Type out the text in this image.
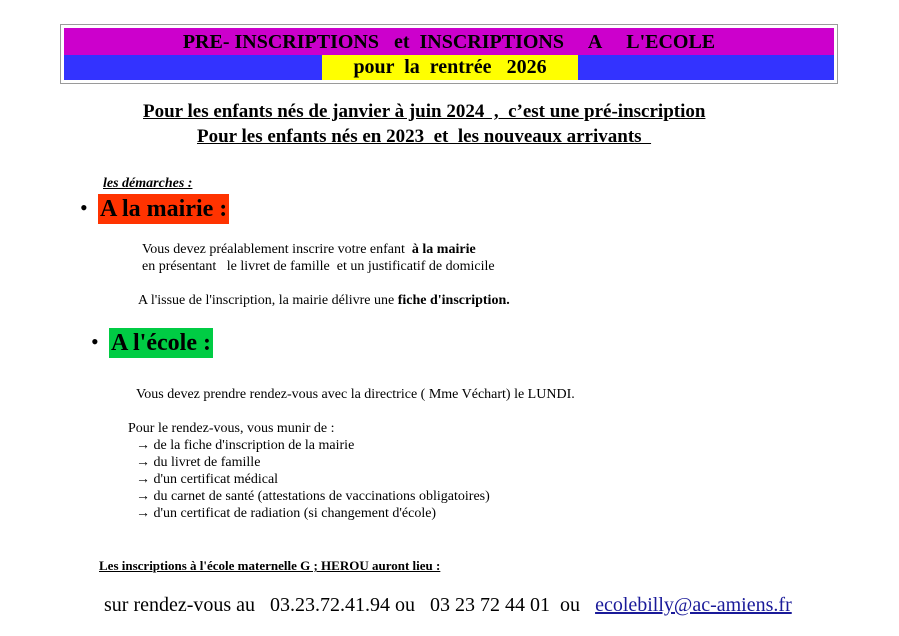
PRE- INSCRIPTIONS   et  INSCRIPTIONS     A     L'ECOLE
pour  la  rentrée   2026
Pour les enfants nés de janvier à juin 2024  ,  c’est une pré-inscription
Pour les enfants nés en 2023  et  les nouveaux arrivants
les démarches :
• A la mairie :
Vous devez préalablement inscrire votre enfant  à la mairie
en présentant   le livret de famille  et un justificatif de domicile
A l'issue de l'inscription, la mairie délivre une fiche d'inscription.
• A l'école :
Vous devez prendre rendez-vous avec la directrice ( Mme Véchart) le LUNDI.
Pour le rendez-vous, vous munir de :
→ de la fiche d'inscription de la mairie
→ du livret de famille
→ d'un certificat médical
→ du carnet de santé (attestations de vaccinations obligatoires)
→ d'un certificat de radiation (si changement d'école)
Les inscriptions à l'école maternelle G ; HEROU auront lieu :
sur rendez-vous au   03.23.72.41.94 ou   03 23 72 44 01  ou   ecolebilly@ac-amiens.fr
